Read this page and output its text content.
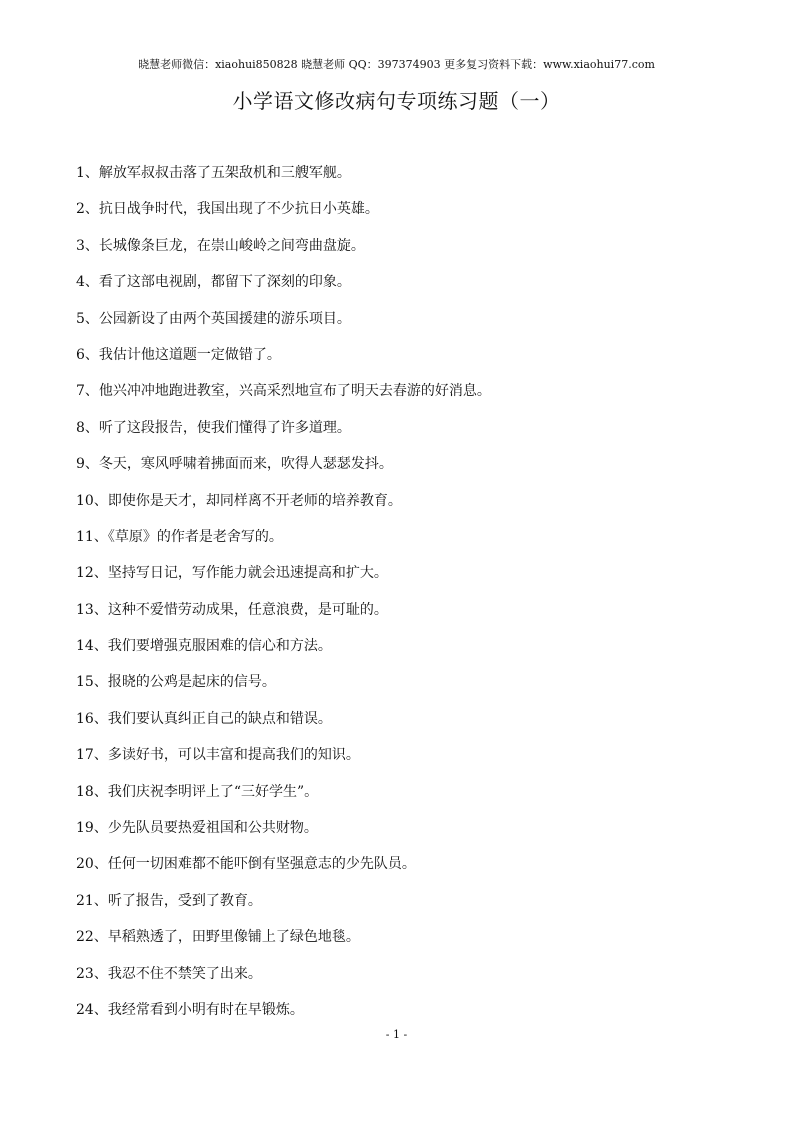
晓慧老师微信：xiaohui850828 晓慧老师 QQ：397374903 更多复习资料下载：www.xiaohui77.com
小学语文修改病句专项练习题（一）
1、解放军叔叔击落了五架敌机和三艘军舰。
2、抗日战争时代，我国出现了不少抗日小英雄。
3、长城像条巨龙，在崇山峻岭之间弯曲盘旋。
4、看了这部电视剧，都留下了深刻的印象。
5、公园新设了由两个英国援建的游乐项目。
6、我估计他这道题一定做错了。
7、他兴冲冲地跑进教室，兴高采烈地宣布了明天去春游的好消息。
8、听了这段报告，使我们懂得了许多道理。
9、冬天，寒风呼啸着拂面而来，吹得人瑟瑟发抖。
10、即使你是天才，却同样离不开老师的培养教育。
11、《草原》的作者是老舍写的。
12、坚持写日记，写作能力就会迅速提高和扩大。
13、这种不爱惜劳动成果，任意浪费，是可耻的。
14、我们要增强克服困难的信心和方法。
15、报晓的公鸡是起床的信号。
16、我们要认真纠正自己的缺点和错误。
17、多读好书，可以丰富和提高我们的知识。
18、我们庆祝李明评上了“三好学生”。
19、少先队员要热爱祖国和公共财物。
20、任何一切困难都不能吓倒有坚强意志的少先队员。
21、听了报告，受到了教育。
22、早稻熟透了，田野里像铺上了绿色地毯。
23、我忍不住不禁笑了出来。
24、我经常看到小明有时在早锻炼。
- 1 -
